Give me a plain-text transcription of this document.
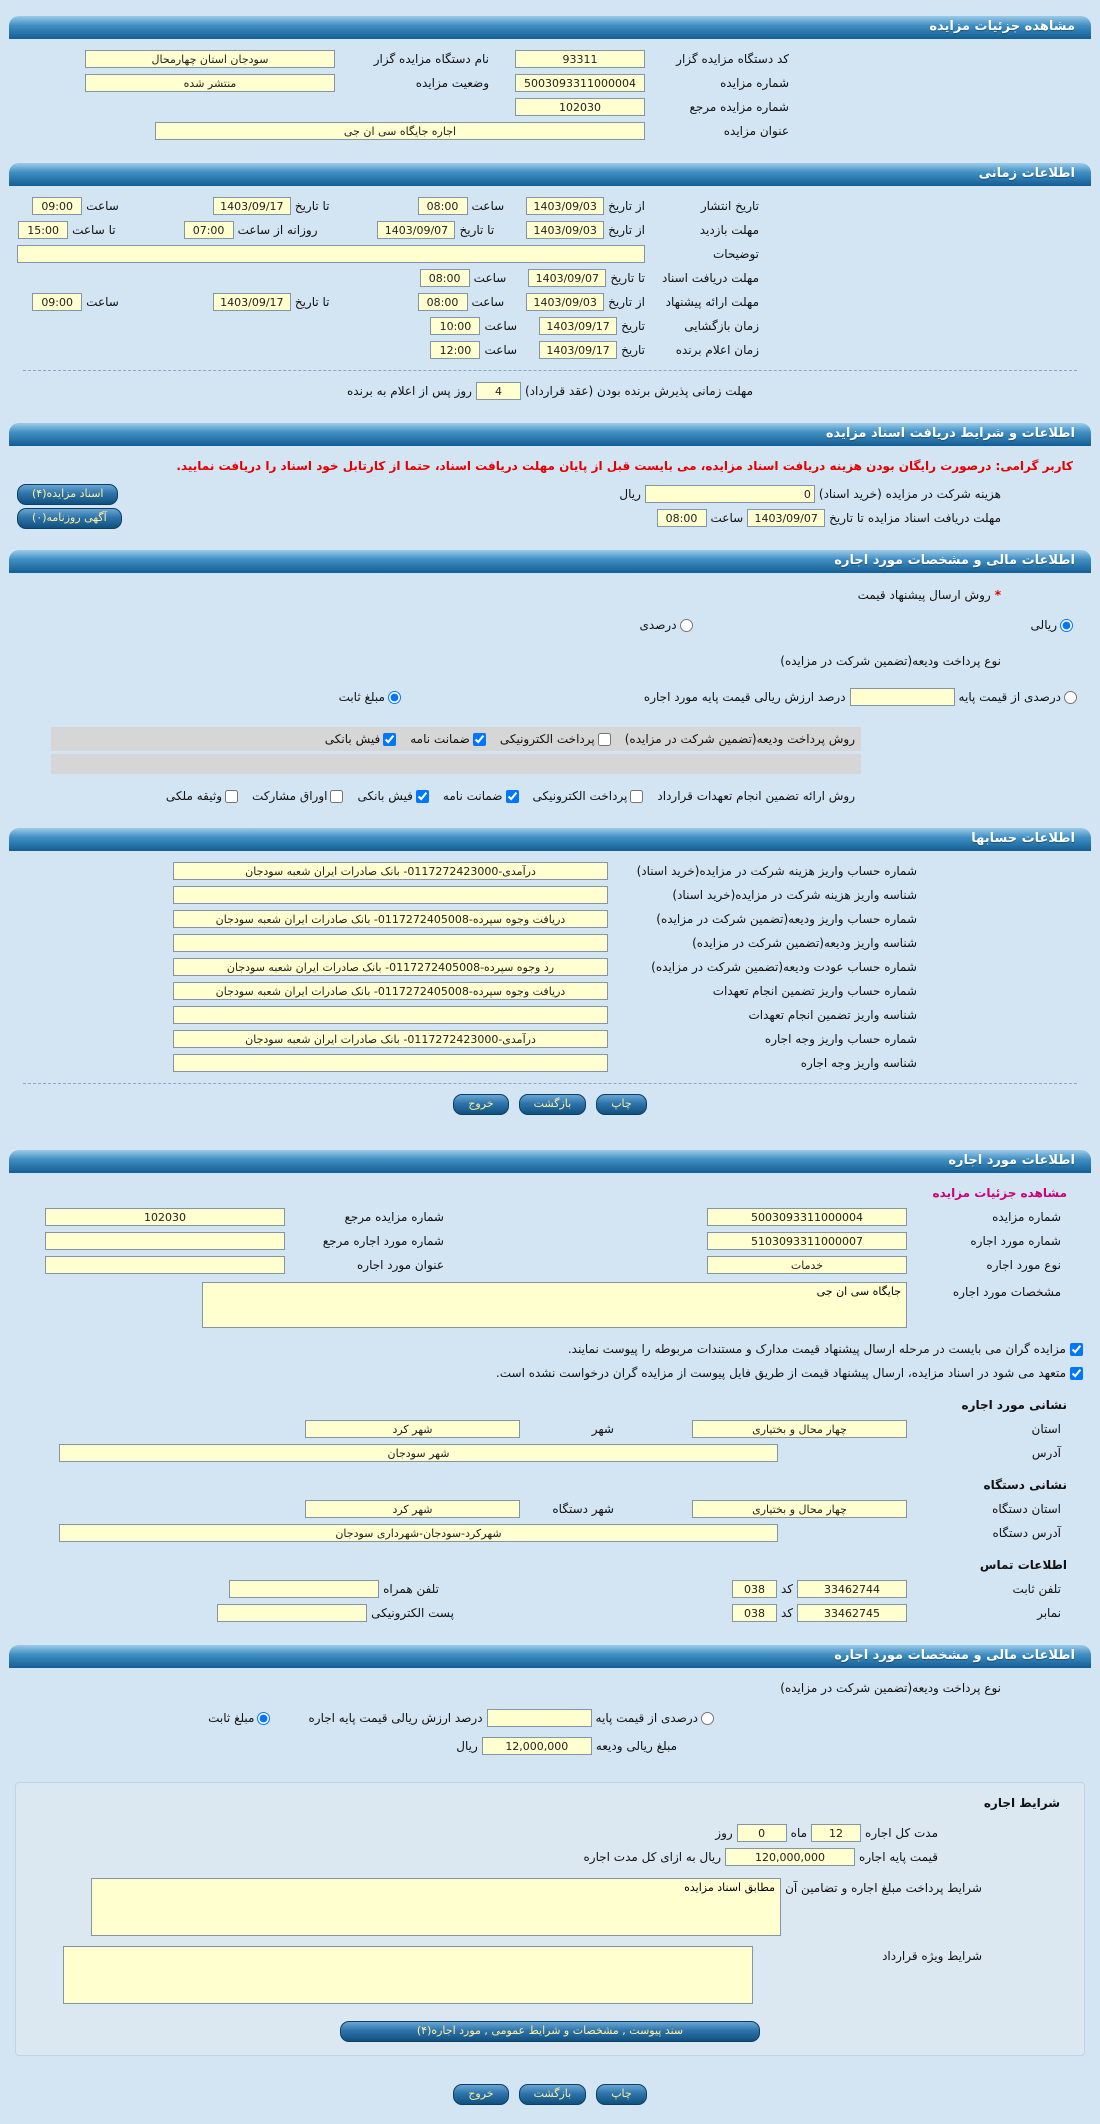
مشاهده جزئیات مزایده
کد دستگاه مزایده گزار
93311
نام دستگاه مزایده گزار
سودجان استان چهارمحال
شماره مزایده
5003093311000004
وضعیت مزایده
منتشر شده
شماره مزایده مرجع
102030
عنوان مزایده
اجاره جایگاه سی ان جی
اطلاعات زمانی
تاریخ انتشار
از تاریخ
1403/09/03
ساعت
08:00
تا تاریخ
1403/09/17
ساعت
09:00
مهلت بازدید
از تاریخ
1403/09/03
تا تاریخ
1403/09/07
روزانه از ساعت
07:00
تا ساعت
15:00
توضیحات
مهلت دریافت اسناد
تا تاریخ
1403/09/07
ساعت
08:00
مهلت ارائه پیشنهاد
از تاریخ
1403/09/03
ساعت
08:00
تا تاریخ
1403/09/17
ساعت
09:00
زمان بازگشایی
تاریخ
1403/09/17
ساعت
10:00
زمان اعلام برنده
تاریخ
1403/09/17
ساعت
12:00
مهلت زمانی پذیرش برنده بودن (عقد قرارداد)
4
روز پس از اعلام به برنده
اطلاعات و شرایط دریافت اسناد مزایده
کاربر گرامی: درصورت رایگان بودن هزینه دریافت اسناد مزایده، می بایست قبل از پایان مهلت دریافت اسناد، حتما از کارتابل خود اسناد را دریافت نمایید.
هزینه شرکت در مزایده (خرید اسناد)
0
ریال
اسناد مزایده(۴)
مهلت دریافت اسناد مزایده
تا تاریخ
1403/09/07
ساعت
08:00
آگهی روزنامه(۰)
اطلاعات مالی و مشخصات مورد اجاره
*
روش ارسال پیشنهاد قیمت
ریالی
درصدی
نوع پرداخت ودیعه(تضمین شرکت در مزایده)
درصدی از قیمت پایه
درصد ارزش ریالی قیمت پایه مورد اجاره
مبلغ ثابت
روش پرداخت ودیعه(تضمین شرکت در مزایده)
پرداخت الکترونیکی
ضمانت نامه
فیش بانکی
روش ارائه تضمین انجام تعهدات قرارداد
پرداخت الکترونیکی
ضمانت نامه
فیش بانکی
اوراق مشارکت
وثیقه ملکی
اطلاعات حسابها
شماره حساب واریز هزینه شرکت در مزایده(خرید اسناد)
درآمدی-0117272423000- بانک صادرات ایران شعبه سودجان
شناسه واریز هزینه شرکت در مزایده(خرید اسناد)
شماره حساب واریز ودیعه(تضمین شرکت در مزایده)
دریافت وجوه سپرده-0117272405008- بانک صادرات ایران شعبه سودجان
شناسه واریز ودیعه(تضمین شرکت در مزایده)
شماره حساب عودت ودیعه(تضمین شرکت در مزایده)
رد وجوه سپرده-0117272405008- بانک صادرات ایران شعبه سودجان
شماره حساب واریز تضمین انجام تعهدات
دریافت وجوه سپرده-0117272405008- بانک صادرات ایران شعبه سودجان
شناسه واریز تضمین انجام تعهدات
شماره حساب واریز وجه اجاره
درآمدی-0117272423000- بانک صادرات ایران شعبه سودجان
شناسه واریز وجه اجاره
چاپ
بازگشت
خروج
اطلاعات مورد اجاره
مشاهده جزئیات مزایده
شماره مزایده
5003093311000004
شماره مزایده مرجع
102030
شماره مورد اجاره
5103093311000007
شماره مورد اجاره مرجع
نوع مورد اجاره
خدمات
عنوان مورد اجاره
مشخصات مورد اجاره
جایگاه سی ان جی
مزایده گران می بایست در مرحله ارسال پیشنهاد قیمت مدارک و مستندات مربوطه را پیوست نمایند.
متعهد می شود در اسناد مزایده، ارسال پیشنهاد قیمت از طریق فایل پیوست از مزایده گران درخواست نشده است.
نشانی مورد اجاره
استان
چهار محال و بختیاری
شهر
شهر کرد
آدرس
شهر سودجان
نشانی دستگاه
استان دستگاه
چهار محال و بختیاری
شهر دستگاه
شهر کرد
آدرس دستگاه
شهرکرد-سودجان-شهرداری سودجان
اطلاعات تماس
تلفن ثابت
33462744
کد
038
تلفن همراه
نمابر
33462745
کد
038
پست الکترونیکی
اطلاعات مالی و مشخصات مورد اجاره
نوع پرداخت ودیعه(تضمین شرکت در مزایده)
درصدی از قیمت پایه
درصد ارزش ریالی قیمت پایه اجاره
مبلغ ثابت
مبلغ ریالی ودیعه
12,000,000
ریال
شرایط اجاره
مدت کل اجاره
12
ماه
0
روز
قیمت پایه اجاره
120,000,000
ریال به ازای کل مدت اجاره
شرایط پرداخت مبلغ اجاره و تضامین آن
مطابق اسناد مزایده
شرایط ویژه قرارداد
سند پیوست , مشخصات و شرایط عمومی , مورد اجاره(۴)
چاپ
بازگشت
خروج
